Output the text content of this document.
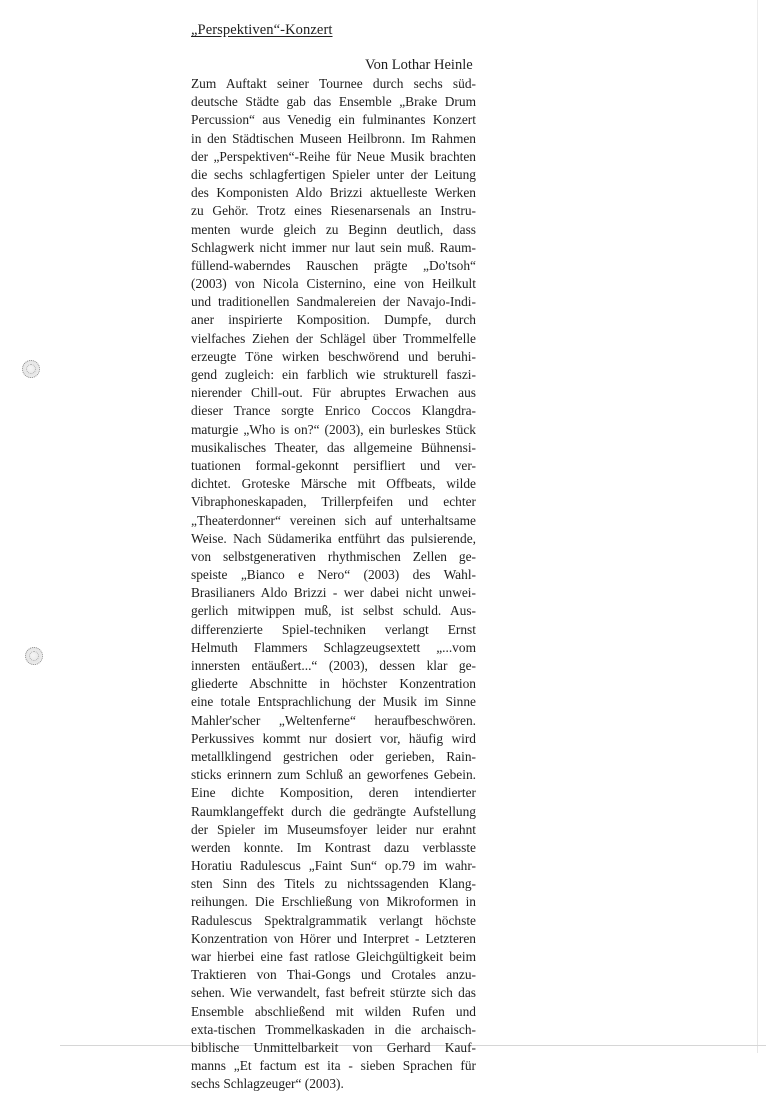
„Perspektiven“-Konzert
Von Lothar Heinle
Zum Auftakt seiner Tournee durch sechs süd-
deutsche Städte gab das Ensemble „Brake Drum
Percussion“ aus Venedig ein fulminantes Konzert
in den Städtischen Museen Heilbronn. Im Rahmen
der „Perspektiven“-Reihe für Neue Musik brachten
die sechs schlagfertigen Spieler unter der Leitung
des Komponisten Aldo Brizzi aktuelleste Werken
zu Gehör. Trotz eines Riesenarsenals an Instru-
menten wurde gleich zu Beginn deutlich, dass
Schlagwerk nicht immer nur laut sein muß. Raum-
füllend-waberndes Rauschen prägte „Do'tsoh“
(2003) von Nicola Cisternino, eine von Heilkult
und traditionellen Sandmalereien der Navajo-Indi-
aner inspirierte Komposition. Dumpfe, durch
vielfaches Ziehen der Schlägel über Trommelfelle
erzeugte Töne wirken beschwörend und beruhi-
gend zugleich: ein farblich wie strukturell faszi-
nierender Chill-out. Für abruptes Erwachen aus
dieser Trance sorgte Enrico Coccos Klangdra-
maturgie „Who is on?“ (2003), ein burleskes Stück
musikalisches Theater, das allgemeine Bühnensi-
tuationen formal-gekonnt persifliert und ver-
dichtet. Groteske Märsche mit Offbeats, wilde
Vibraphoneskapaden, Trillerpfeifen und echter
„Theaterdonner“ vereinen sich auf unterhaltsame
Weise. Nach Südamerika entführt das pulsierende,
von selbstgenerativen rhythmischen Zellen ge-
speiste „Bianco e Nero“ (2003) des Wahl-
Brasilianers Aldo Brizzi - wer dabei nicht unwei-
gerlich mitwippen muß, ist selbst schuld. Aus-
differenzierte Spiel-techniken verlangt Ernst
Helmuth Flammers Schlagzeugsextett „...vom
innersten entäußert...“ (2003), dessen klar ge-
gliederte Abschnitte in höchster Konzentration
eine totale Entsprachlichung der Musik im Sinne
Mahler'scher „Weltenferne“ heraufbeschwören.
Perkussives kommt nur dosiert vor, häufig wird
metallklingend gestrichen oder gerieben, Rain-
sticks erinnern zum Schluß an geworfenes Gebein.
Eine dichte Komposition, deren intendierter
Raumklangeffekt durch die gedrängte Aufstellung
der Spieler im Museumsfoyer leider nur erahnt
werden konnte. Im Kontrast dazu verblasste
Horatiu Radulescus „Faint Sun“ op.79 im wahr-
sten Sinn des Titels zu nichtssagenden Klang-
reihungen. Die Erschließung von Mikroformen in
Radulescus Spektralgrammatik verlangt höchste
Konzentration von Hörer und Interpret - Letzteren
war hierbei eine fast ratlose Gleichgültigkeit beim
Traktieren von Thai-Gongs und Crotales anzu-
sehen. Wie verwandelt, fast befreit stürzte sich das
Ensemble abschließend mit wilden Rufen und
exta-tischen Trommelkaskaden in die archaisch-
biblische Unmittelbarkeit von Gerhard Kauf-
manns „Et factum est ita - sieben Sprachen für
sechs Schlagzeuger“ (2003).
